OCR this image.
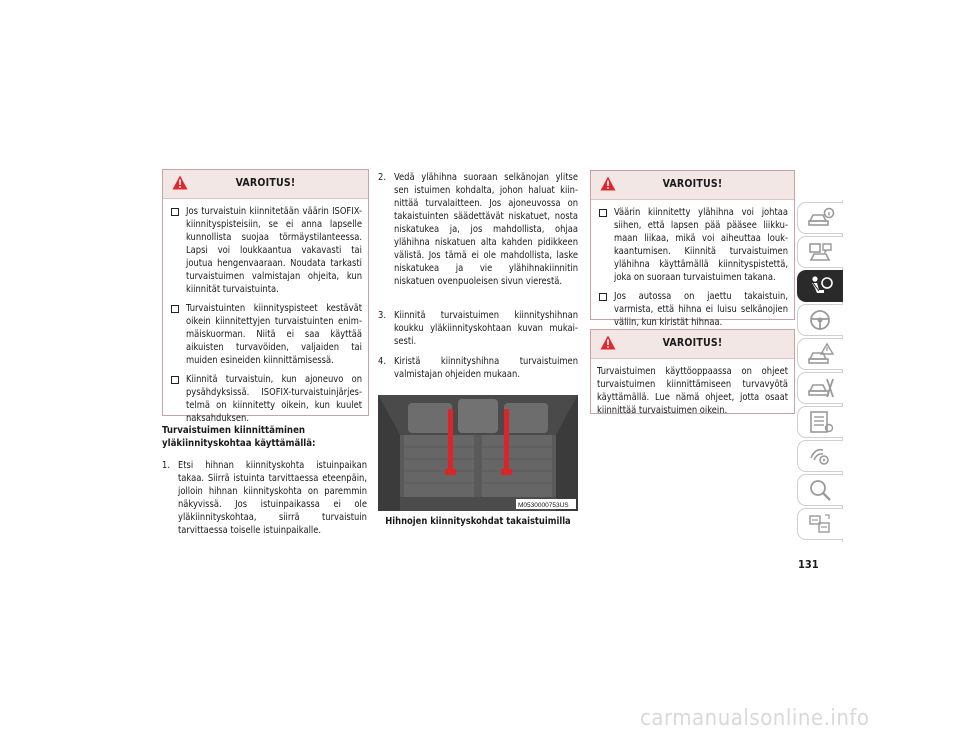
VAROITUS!
Jos turvaistuin kiinnitetään väärin ISOFIX-kiinnityspisteisiin, se ei anna lapselle kunnollista suojaa törmäystilanteessa. Lapsi voi loukkaantua vakavasti tai joutua hengenvaaraan. Noudata tarkasti turvaistuimen valmistajan ohjeita, kun kiinnität turvaistuinta.
Turvaistuinten kiinnityspisteet kestävät oikein kiinnitettyjen turvaistuinten enimmäiskuorman. Niitä ei saa käyttää aikuisten turvavöiden, valjaiden tai muiden esineiden kiinnittämisessä.
Kiinnitä turvaistuin, kun ajoneuvo on pysähdyksissä. ISOFIX-turvaistuinjärjestelmä on kiinnitetty oikein, kun kuulet naksahduksen.
Turvaistuimen kiinnittäminen
yläkiinnityskohtaa käyttämällä:
1. Etsi hihnan kiinnityskohta istuinpaikan takaa. Siirrä istuinta tarvittaessa eteenpäin, jolloin hihnan kiinnityskohta on paremmin näkyvissä. Jos istuinpaikassa ei ole yläkiinnityskohtaa, siirrä turvaistuin tarvittaessa toiselle istuinpaikalle.
2. Vedä ylähihna suoraan selkänojan ylitse sen istuimen kohdalta, johon haluat kiinnittää turvalaitteen. Jos ajoneuvossa on takaistuinten säädettävät niskatuet, nosta niskatukea ja, jos mahdollista, ohjaa ylähihna niskatuen alta kahden pidikkeen välistä. Jos tämä ei ole mahdollista, laske niskatukea ja vie ylähihnakiinnitin niskatuen ovenpuoleisen sivun vierestä.
3. Kiinnitä turvaistuimen kiinnityshihnan koukku yläkiinnityskohtaan kuvan mukaisesti.
4. Kiristä kiinnityshihna turvaistuimen valmistajan ohjeiden mukaan.
M0530000753US
Hihnojen kiinnityskohdat takaistuimilla
VAROITUS!
Väärin kiinnitetty ylähihna voi johtaa siihen, että lapsen pää pääsee liikkumaan liikaa, mikä voi aiheuttaa loukkaantumisen. Kiinnitä turvaistuimen ylähihna käyttämällä kiinnityspistettä, joka on suoraan turvaistuimen takana.
Jos autossa on jaettu takaistuin, varmista, että hihna ei luisu selkänojien väliin, kun kiristät hihnaa.
VAROITUS!
Turvaistuimen käyttöoppaassa on ohjeet turvaistuimen kiinnittämiseen turvavyötä käyttämällä. Lue nämä ohjeet, jotta osaat kiinnittää turvaistuimen oikein.
131
carmanualsonline.info
